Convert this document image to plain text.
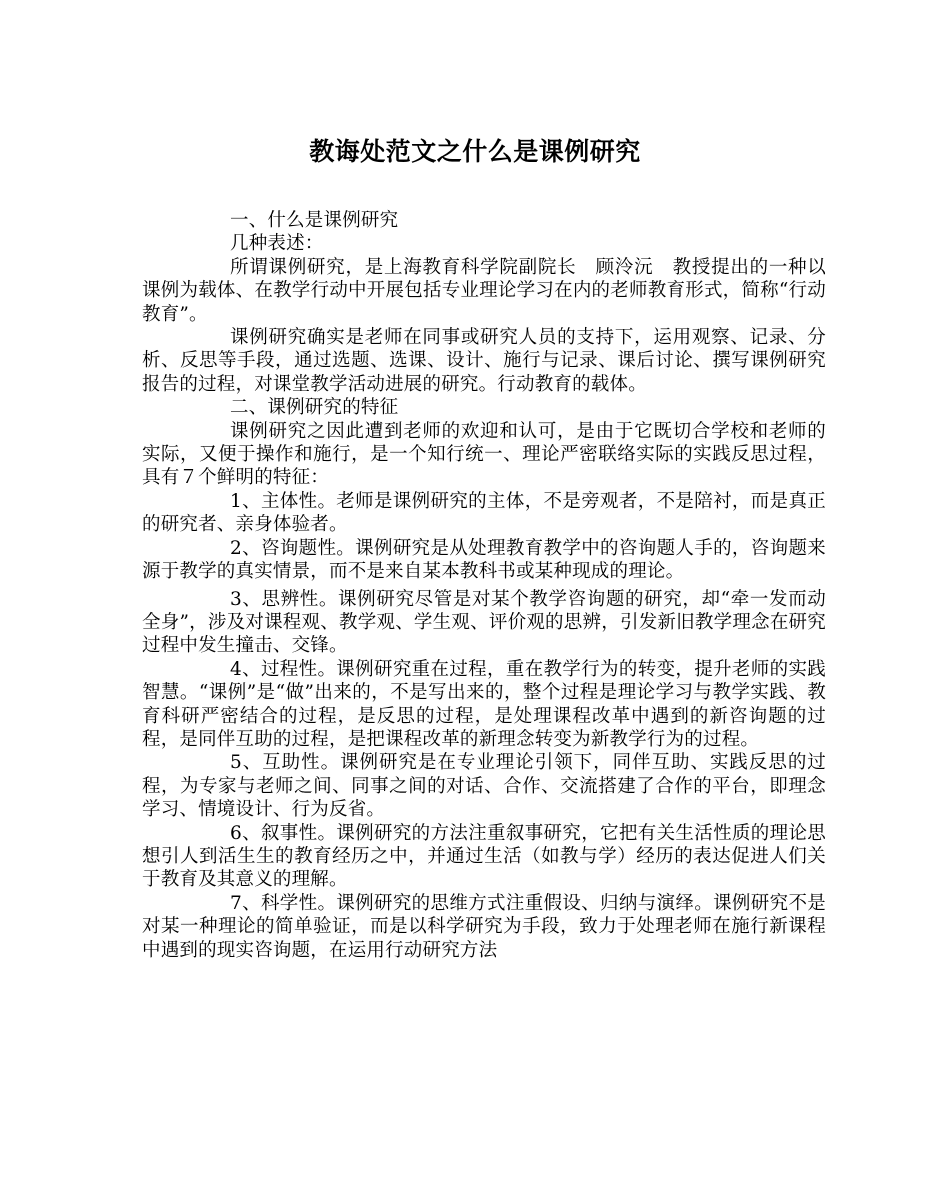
教诲处范文之什么是课例研究

一、什么是课例研究

几种表述：

所谓课例研究，是上海教育科学院副院长　顾泠沅　教授提出的一种以课例为载体、在教学行动中开展包括专业理论学习在内的老师教育形式，简称“行动教育”。

课例研究确实是老师在同事或研究人员的支持下，运用观察、记录、分析、反思等手段，通过选题、选课、设计、施行与记录、课后讨论、撰写课例研究报告的过程，对课堂教学活动进展的研究。行动教育的载体。

二、课例研究的特征

课例研究之因此遭到老师的欢迎和认可，是由于它既切合学校和老师的实际，又便于操作和施行，是一个知行统一、理论严密联络实际的实践反思过程，具有７个鲜明的特征：

1、主体性。老师是课例研究的主体，不是旁观者，不是陪衬，而是真正的研究者、亲身体验者。

2、咨询题性。课例研究是从处理教育教学中的咨询题人手的，咨询题来源于教学的真实情景，而不是来自某本教科书或某种现成的理论。

3、思辨性。课例研究尽管是对某个教学咨询题的研究，却“牵一发而动全身”，涉及对课程观、教学观、学生观、评价观的思辨，引发新旧教学理念在研究过程中发生撞击、交锋。

4、过程性。课例研究重在过程，重在教学行为的转变，提升老师的实践智慧。“课例”是“做”出来的，不是写出来的，整个过程是理论学习与教学实践、教育科研严密结合的过程，是反思的过程，是处理课程改革中遇到的新咨询题的过程，是同伴互助的过程，是把课程改革的新理念转变为新教学行为的过程。

5、互助性。课例研究是在专业理论引领下，同伴互助、实践反思的过程，为专家与老师之间、同事之间的对话、合作、交流搭建了合作的平台，即理念学习、情境设计、行为反省。

6、叙事性。课例研究的方法注重叙事研究，它把有关生活性质的理论思想引人到活生生的教育经历之中，并通过生活（如教与学）经历的表达促进人们关于教育及其意义的理解。

7、科学性。课例研究的思维方式注重假设、归纳与演绎。课例研究不是对某一种理论的简单验证，而是以科学研究为手段，致力于处理老师在施行新课程中遇到的现实咨询题，在运用行动研究方法
